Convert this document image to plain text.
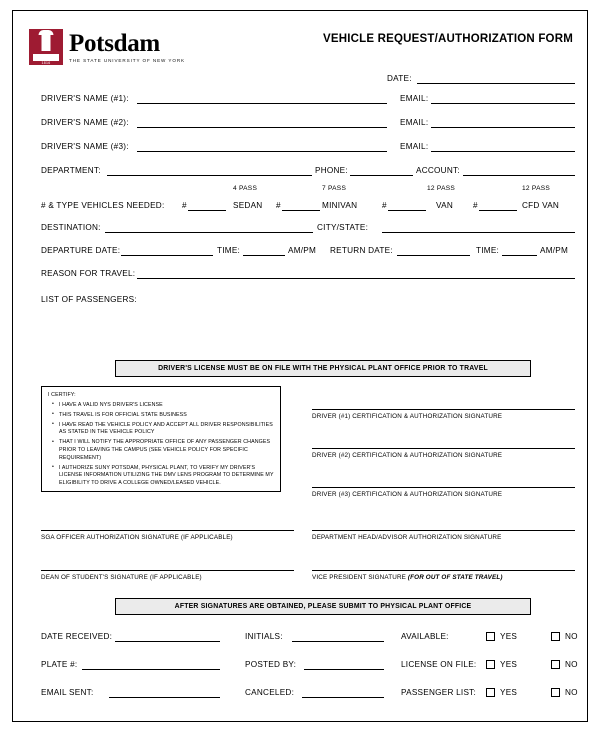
1816
Potsdam
THE STATE UNIVERSITY OF NEW YORK
VEHICLE REQUEST/AUTHORIZATION FORM
DATE:
DRIVER'S NAME (#1):	EMAIL:
DRIVER'S NAME (#2):	EMAIL:
DRIVER'S NAME (#3):	EMAIL:
DEPARTMENT:	PHONE:	ACCOUNT:
4 PASS	7 PASS	12 PASS	12 PASS
# & TYPE VEHICLES NEEDED: #	SEDAN #	MINIVAN	#	VAN #	CFD VAN
DESTINATION:	CITY/STATE:
DEPARTURE DATE:	TIME:	AM/PM RETURN DATE:	TIME:	AM/PM
REASON FOR TRAVEL:
LIST OF PASSENGERS:
DRIVER'S LICENSE MUST BE ON FILE WITH THE PHYSICAL PLANT OFFICE PRIOR TO TRAVEL
I CERTIFY:
• I HAVE A VALID NYS DRIVER'S LICENSE
• THIS TRAVEL IS FOR OFFICIAL STATE BUSINESS
• I HAVE READ THE VEHICLE POLICY AND ACCEPT ALL DRIVER RESPONSIBILITIES AS STATED IN THE VEHICLE POLICY
• THAT I WILL NOTIFY THE APPROPRIATE OFFICE OF ANY PASSENGER CHANGES PRIOR TO LEAVING THE CAMPUS (SEE VEHICLE POLICY FOR SPECIFIC REQUIREMENT)
• I AUTHORIZE SUNY POTSDAM, PHYSICAL PLANT, TO VERIFY MY DRIVER'S LICENSE INFORMATION UTILIZING THE DMV LENS PROGRAM TO DETERMINE MY ELIGIBILITY TO DRIVE A COLLEGE OWNED/LEASED VEHICLE.
DRIVER (#1) CERTIFICATION & AUTHORIZATION SIGNATURE
DRIVER (#2) CERTIFICATION & AUTHORIZATION SIGNATURE
DRIVER (#3) CERTIFICATION & AUTHORIZATION SIGNATURE
SGA OFFICER AUTHORIZATION SIGNATURE (IF APPLICABLE)	DEPARTMENT HEAD/ADVISOR AUTHORIZATION SIGNATURE
DEAN OF STUDENT'S SIGNATURE (IF APPLICABLE)	VICE PRESIDENT SIGNATURE (FOR OUT OF STATE TRAVEL)
AFTER SIGNATURES ARE OBTAINED, PLEASE SUBMIT TO PHYSICAL PLANT OFFICE
DATE RECEIVED:	INITIALS:	AVAILABLE:	YES	NO
PLATE #:	POSTED BY:	LICENSE ON FILE:	YES	NO
EMAIL SENT:	CANCELED:	PASSENGER LIST:	YES	NO
